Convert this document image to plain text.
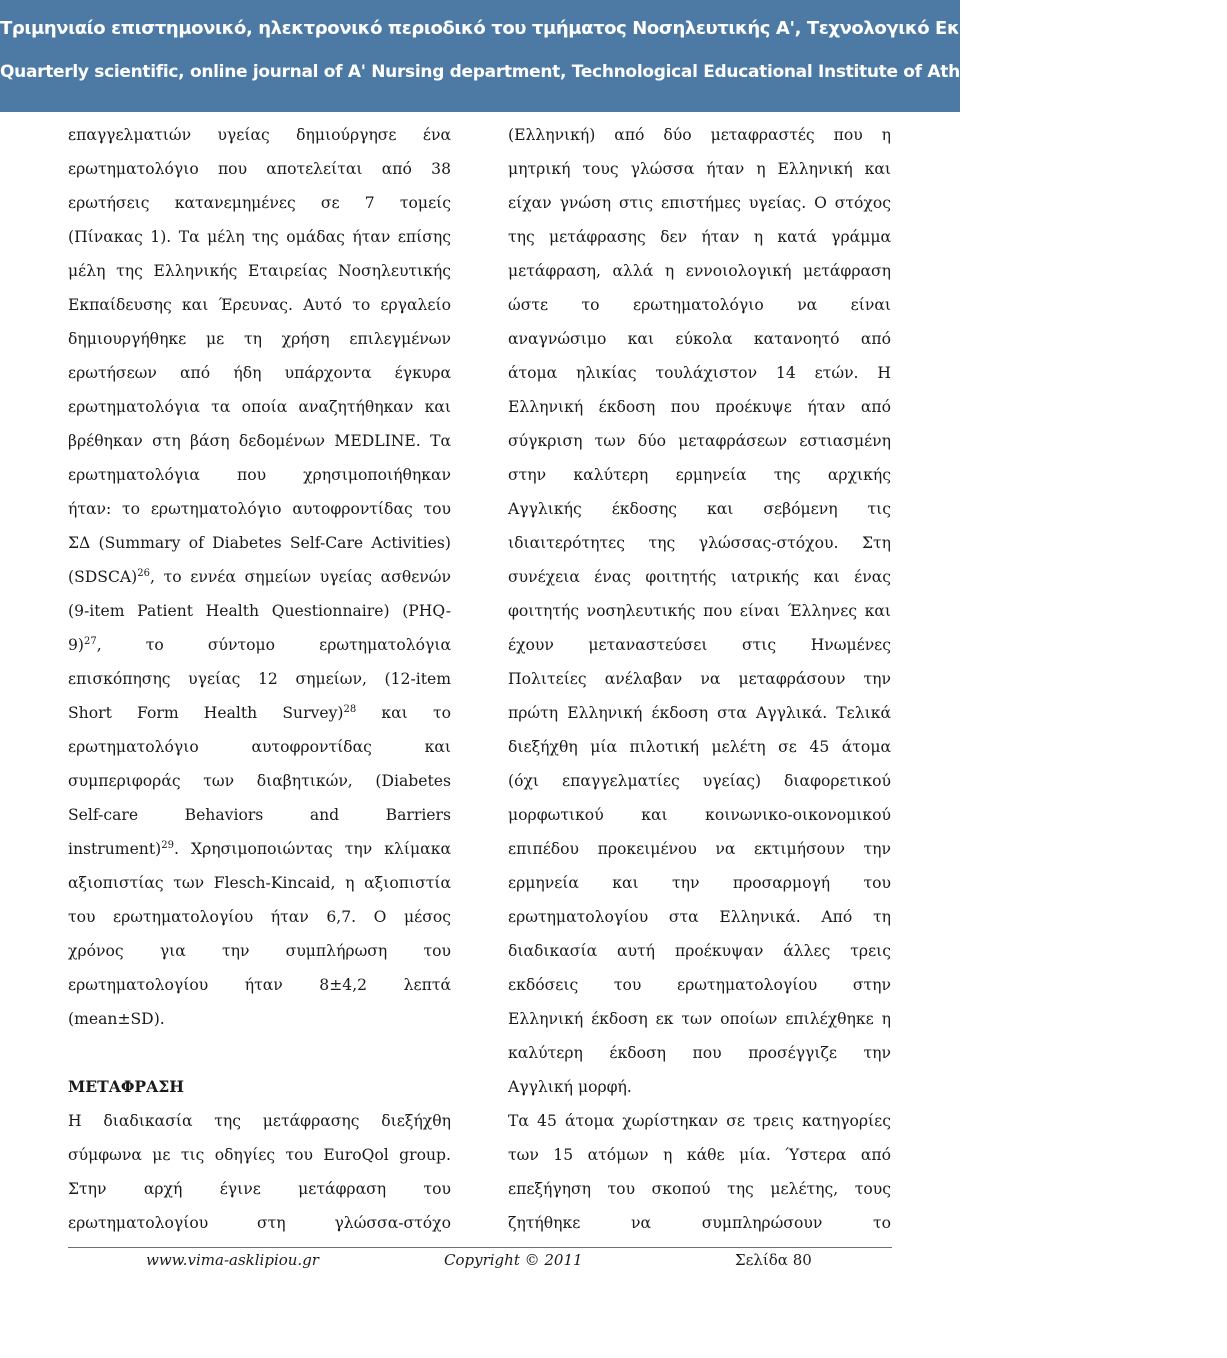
Τριμηνιαίο επιστημονικό, ηλεκτρονικό περιοδικό του τμήματος Νοσηλευτικής Α', Τεχνολογικό Εκπαιδευτικό Ίδρυμα Αθηνών
Quarterly scientific, online journal of A' Nursing department, Technological Educational Institute of Athens
επαγγελματιών υγείας δημιούργησε ένα
ερωτηματολόγιο που αποτελείται από 38
ερωτήσεις κατανεμημένες σε 7 τομείς
(Πίνακας 1). Τα μέλη της ομάδας ήταν επίσης
μέλη της Ελληνικής Εταιρείας Νοσηλευτικής
Εκπαίδευσης και Έρευνας. Αυτό το εργαλείο
δημιουργήθηκε με τη χρήση επιλεγμένων
ερωτήσεων από ήδη υπάρχοντα έγκυρα
ερωτηματολόγια τα οποία αναζητήθηκαν και
βρέθηκαν στη βάση δεδομένων MEDLINE. Τα
ερωτηματολόγια που χρησιμοποιήθηκαν
ήταν: το ερωτηματολόγιο αυτοφροντίδας του
ΣΔ (Summary of Diabetes Self-Care Activities)
(SDSCA)$^{26}$, το εννέα σημείων υγείας ασθενών
(9-item Patient Health Questionnaire) (PHQ-
9)$^{27}$, το σύντομο ερωτηματολόγια
επισκόπησης υγείας 12 σημείων, (12-item
Short Form Health Survey)$^{28}$ και το
ερωτηματολόγιο αυτοφροντίδας και
συμπεριφοράς των διαβητικών, (Diabetes
Self-care Behaviors and Barriers
instrument)$^{29}$. Χρησιμοποιώντας την κλίμακα
αξιοπιστίας των Flesch-Kincaid, η αξιοπιστία
του ερωτηματολογίου ήταν 6,7. Ο μέσος
χρόνος για την συμπλήρωση του
ερωτηματολογίου ήταν 8±4,2 λεπτά
(mean±SD).
ΜΕΤΑΦΡΑΣΗ
Η διαδικασία της μετάφρασης διεξήχθη
σύμφωνα με τις οδηγίες του EuroQol group.
Στην αρχή έγινε μετάφραση του
ερωτηματολογίου στη γλώσσα-στόχο
(Ελληνική) από δύο μεταφραστές που η
μητρική τους γλώσσα ήταν η Ελληνική και
είχαν γνώση στις επιστήμες υγείας. Ο στόχος
της μετάφρασης δεν ήταν η κατά γράμμα
μετάφραση, αλλά η εννοιολογική μετάφραση
ώστε το ερωτηματολόγιο να είναι
αναγνώσιμο και εύκολα κατανοητό από
άτομα ηλικίας τουλάχιστον 14 ετών. Η
Ελληνική έκδοση που προέκυψε ήταν από
σύγκριση των δύο μεταφράσεων εστιασμένη
στην καλύτερη ερμηνεία της αρχικής
Αγγλικής έκδοσης και σεβόμενη τις
ιδιαιτερότητες της γλώσσας-στόχου. Στη
συνέχεια ένας φοιτητής ιατρικής και ένας
φοιτητής νοσηλευτικής που είναι Έλληνες και
έχουν μεταναστεύσει στις Ηνωμένες
Πολιτείες ανέλαβαν να μεταφράσουν την
πρώτη Ελληνική έκδοση στα Αγγλικά. Τελικά
διεξήχθη μία πιλοτική μελέτη σε 45 άτομα
(όχι επαγγελματίες υγείας) διαφορετικού
μορφωτικού και κοινωνικο-οικονομικού
επιπέδου προκειμένου να εκτιμήσουν την
ερμηνεία και την προσαρμογή του
ερωτηματολογίου στα Ελληνικά. Από τη
διαδικασία αυτή προέκυψαν άλλες τρεις
εκδόσεις του ερωτηματολογίου στην
Ελληνική έκδοση εκ των οποίων επιλέχθηκε η
καλύτερη έκδοση που προσέγγιζε την
Αγγλική μορφή.
Τα 45 άτομα χωρίστηκαν σε τρεις κατηγορίες
των 15 ατόμων η κάθε μία. Ύστερα από
επεξήγηση του σκοπού της μελέτης, τους
ζητήθηκε να συμπληρώσουν το
www.vima-asklipiou.gr	Copyright © 2011	Σελίδα 80
